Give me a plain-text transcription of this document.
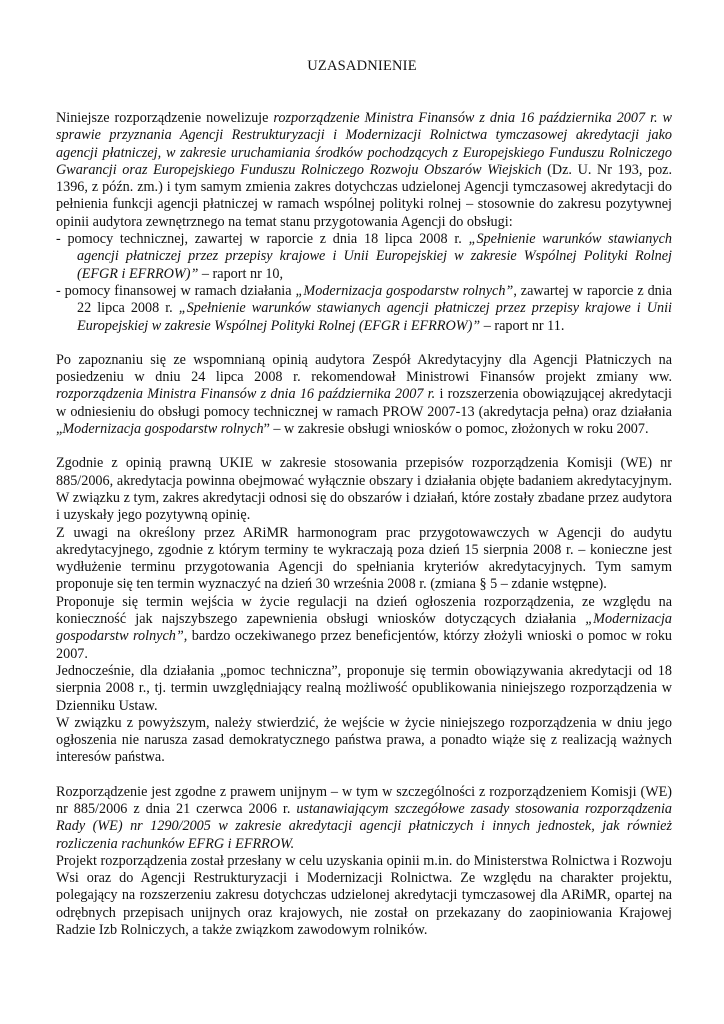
UZASADNIENIE

Niniejsze rozporządzenie nowelizuje rozporządzenie Ministra Finansów z dnia 16 października 2007 r. w sprawie przyznania Agencji Restrukturyzacji i Modernizacji Rolnictwa tymczasowej akredytacji jako agencji płatniczej, w zakresie uruchamiania środków pochodzących z Europejskiego Funduszu Rolniczego Gwarancji oraz Europejskiego Funduszu Rolniczego Rozwoju Obszarów Wiejskich (Dz. U. Nr 193, poz. 1396, z późn. zm.) i tym samym zmienia zakres dotychczas udzielonej Agencji tymczasowej akredytacji do pełnienia funkcji agencji płatniczej w ramach wspólnej polityki rolnej – stosownie do zakresu pozytywnej opinii audytora zewnętrznego na temat stanu przygotowania Agencji do obsługi:

- pomocy technicznej, zawartej w raporcie z dnia 18 lipca 2008 r. „Spełnienie warunków stawianych agencji płatniczej przez przepisy krajowe i Unii Europejskiej w zakresie Wspólnej Polityki Rolnej (EFGR i EFRROW)” – raport nr 10,

- pomocy finansowej w ramach działania „Modernizacja gospodarstw rolnych”, zawartej w raporcie z dnia 22 lipca 2008 r. „Spełnienie warunków stawianych agencji płatniczej przez przepisy krajowe i Unii Europejskiej w zakresie Wspólnej Polityki Rolnej (EFGR i EFRROW)” – raport nr 11.

Po zapoznaniu się ze wspomnianą opinią audytora Zespół Akredytacyjny dla Agencji Płatniczych na posiedzeniu w dniu 24 lipca 2008 r. rekomendował Ministrowi Finansów projekt zmiany ww. rozporządzenia Ministra Finansów z dnia 16 października 2007 r. i rozszerzenia obowiązującej akredytacji w odniesieniu do obsługi pomocy technicznej w ramach PROW 2007-13 (akredytacja pełna) oraz działania „Modernizacja gospodarstw rolnych” – w zakresie obsługi wniosków o pomoc, złożonych w roku 2007.

Zgodnie z opinią prawną UKIE w zakresie stosowania przepisów rozporządzenia Komisji (WE) nr 885/2006, akredytacja powinna obejmować wyłącznie obszary i działania objęte badaniem akredytacyjnym. W związku z tym, zakres akredytacji odnosi się do obszarów i działań, które zostały zbadane przez audytora i uzyskały jego pozytywną opinię.

Z uwagi na określony przez ARiMR harmonogram prac przygotowawczych w Agencji do audytu akredytacyjnego, zgodnie z którym terminy te wykraczają poza dzień 15 sierpnia 2008 r. – konieczne jest wydłużenie terminu przygotowania Agencji do spełniania kryteriów akredytacyjnych. Tym samym proponuje się ten termin wyznaczyć na dzień 30 września 2008 r. (zmiana § 5 – zdanie wstępne).

Proponuje się termin wejścia w życie regulacji na dzień ogłoszenia rozporządzenia, ze względu na konieczność jak najszybszego zapewnienia obsługi wniosków dotyczących działania „Modernizacja gospodarstw rolnych”, bardzo oczekiwanego przez beneficjentów, którzy złożyli wnioski o pomoc w roku 2007.

Jednocześnie, dla działania „pomoc techniczna”, proponuje się termin obowiązywania akredytacji od 18 sierpnia 2008 r., tj. termin uwzględniający realną możliwość opublikowania niniejszego rozporządzenia w Dzienniku Ustaw.

W związku z powyższym, należy stwierdzić, że wejście w życie niniejszego rozporządzenia w dniu jego ogłoszenia nie narusza zasad demokratycznego państwa prawa, a ponadto wiąże się z realizacją ważnych interesów państwa.

Rozporządzenie jest zgodne z prawem unijnym – w tym w szczególności z rozporządzeniem Komisji (WE) nr 885/2006 z dnia 21 czerwca 2006 r. ustanawiającym szczegółowe zasady stosowania rozporządzenia Rady (WE) nr 1290/2005 w zakresie akredytacji agencji płatniczych i innych jednostek, jak również rozliczenia rachunków EFRG i EFRROW.

Projekt rozporządzenia został przesłany w celu uzyskania opinii m.in. do Ministerstwa Rolnictwa i Rozwoju Wsi oraz do Agencji Restrukturyzacji i Modernizacji Rolnictwa. Ze względu na charakter projektu, polegający na rozszerzeniu zakresu dotychczas udzielonej akredytacji tymczasowej dla ARiMR, opartej na odrębnych przepisach unijnych oraz krajowych, nie został on przekazany do zaopiniowania Krajowej Radzie Izb Rolniczych, a także związkom zawodowym rolników.
